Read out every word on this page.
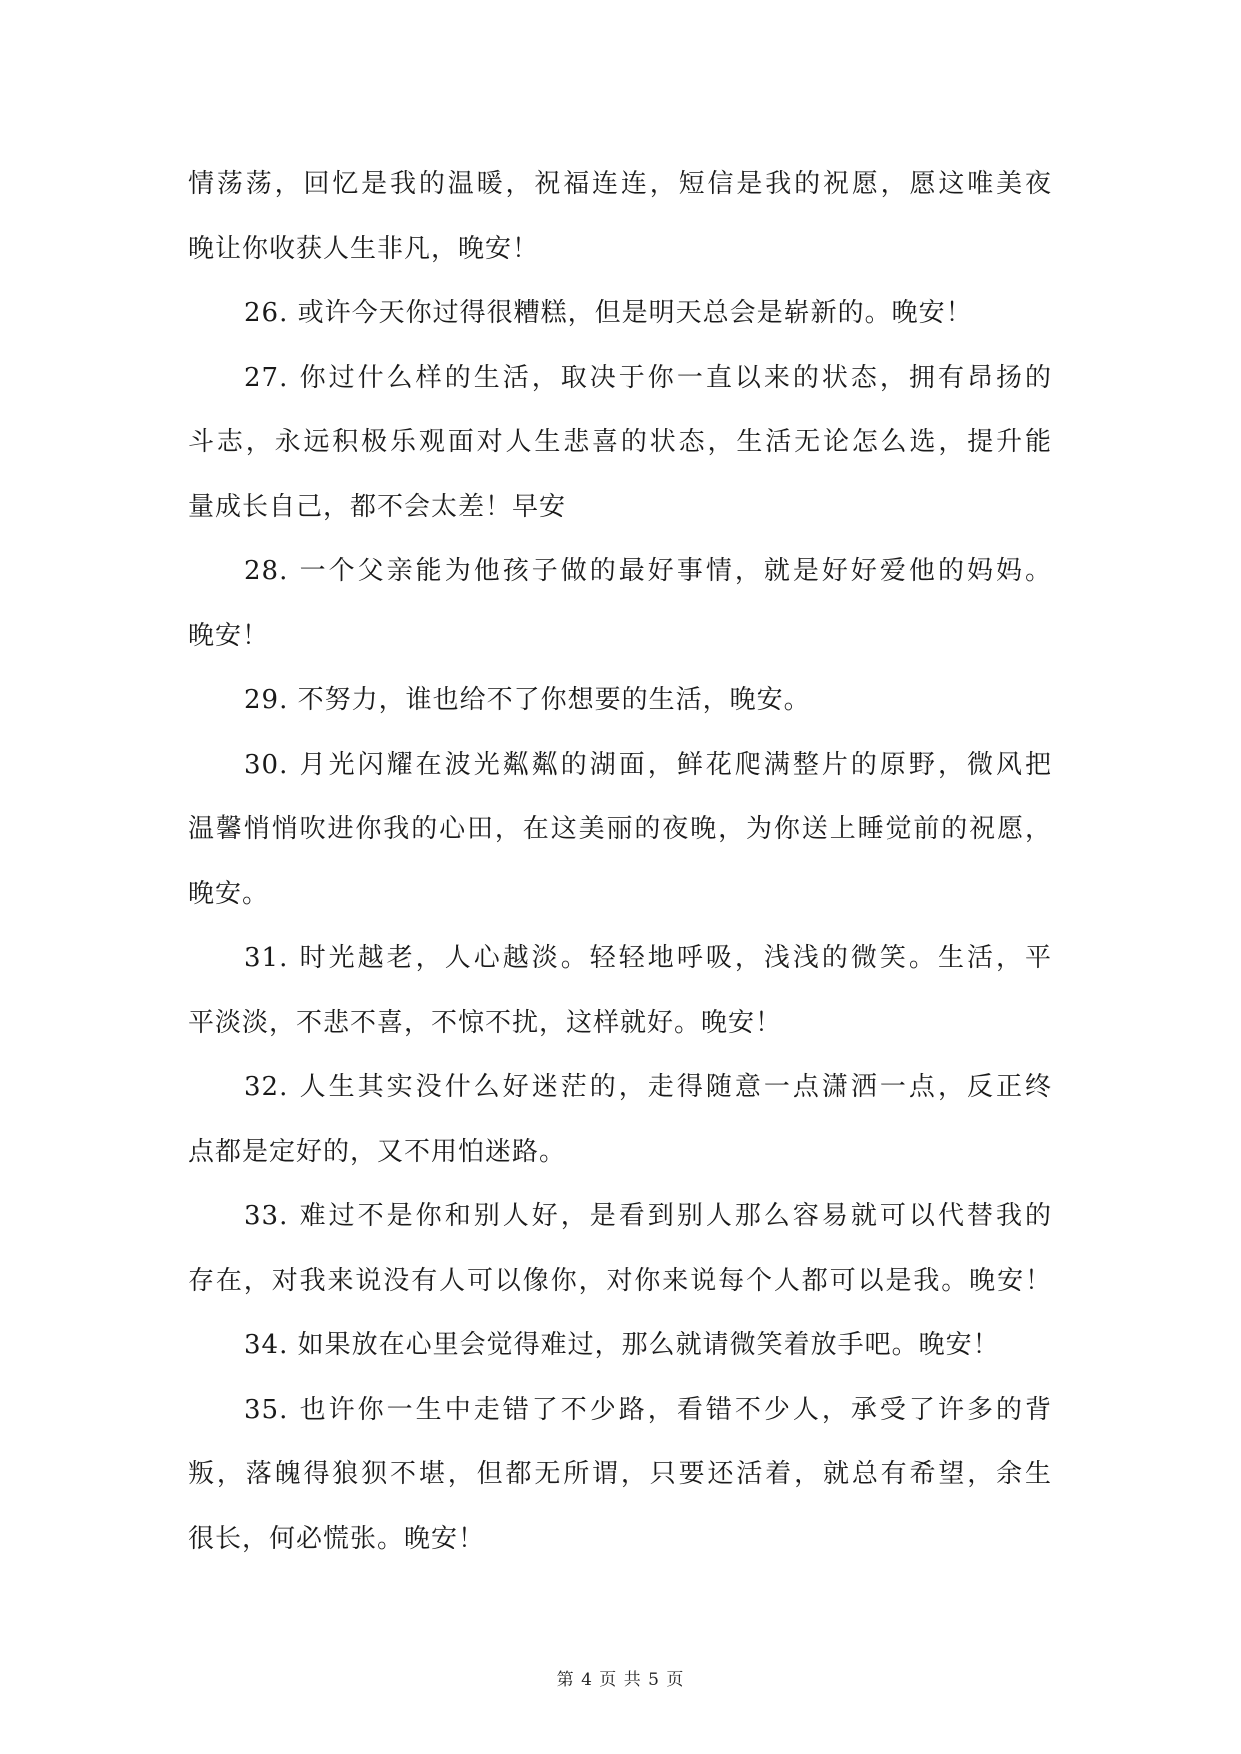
情荡荡，回忆是我的温暖，祝福连连，短信是我的祝愿，愿这唯美夜
晚让你收获人生非凡，晚安！
26. 或许今天你过得很糟糕，但是明天总会是崭新的。晚安！
27. 你过什么样的生活，取决于你一直以来的状态，拥有昂扬的
斗志，永远积极乐观面对人生悲喜的状态，生活无论怎么选，提升能
量成长自己，都不会太差！早安
28. 一个父亲能为他孩子做的最好事情，就是好好爱他的妈妈。
晚安！
29. 不努力，谁也给不了你想要的生活，晚安。
30. 月光闪耀在波光粼粼的湖面，鲜花爬满整片的原野，微风把
温馨悄悄吹进你我的心田，在这美丽的夜晚，为你送上睡觉前的祝愿，
晚安。
31. 时光越老，人心越淡。轻轻地呼吸，浅浅的微笑。生活，平
平淡淡，不悲不喜，不惊不扰，这样就好。晚安！
32. 人生其实没什么好迷茫的，走得随意一点潇洒一点，反正终
点都是定好的，又不用怕迷路。
33. 难过不是你和别人好，是看到别人那么容易就可以代替我的
存在，对我来说没有人可以像你，对你来说每个人都可以是我。晚安！
34. 如果放在心里会觉得难过，那么就请微笑着放手吧。晚安！
35. 也许你一生中走错了不少路，看错不少人，承受了许多的背
叛，落魄得狼狈不堪，但都无所谓，只要还活着，就总有希望，余生
很长，何必慌张。晚安！
第 4 页 共 5 页
